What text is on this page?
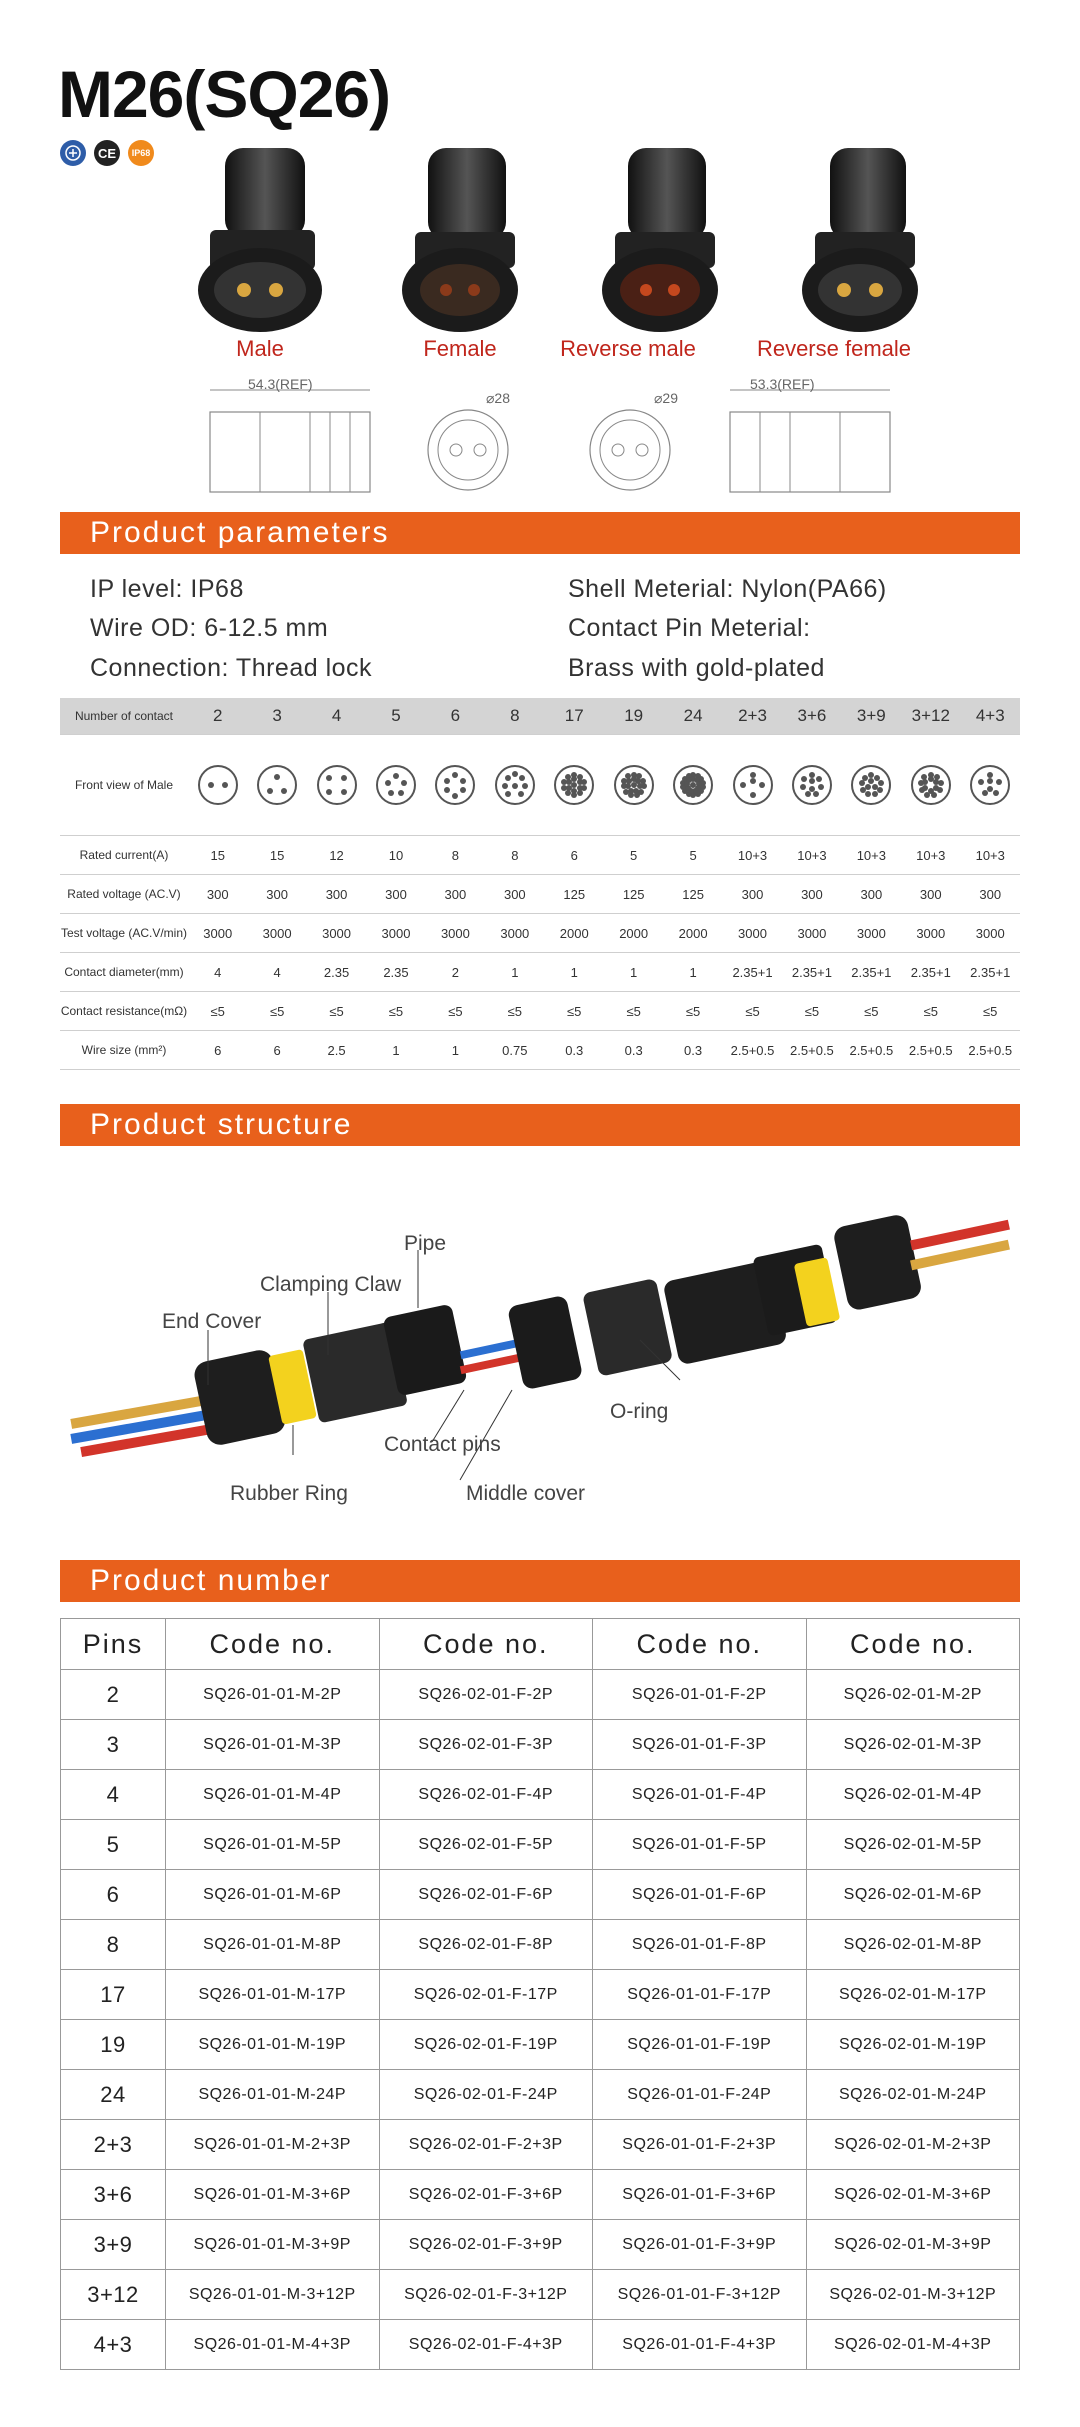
M26(SQ26)
CE	IP68
Male	Female	Reverse male	Reverse female
54.3(REF)
⌀28	⌀29
53.3(REF)
Product parameters
IP level: IP68
Wire OD: 6-12.5 mm
Connection: Thread lock
Shell Meterial: Nylon(PA66)
Contact Pin Meterial:
Brass with gold-plated
Number of contact	2	3	4	5	6	8	17	19	24	2+3	3+6	3+9	3+12	4+3
Front view of Male	

Rated current(A)	15	15	12	10	8	8	6	5	5	10+3	10+3	10+3	10+3	10+3
Rated voltage (AC.V)	300	300	300	300	300	300	125	125	125	300	300	300	300	300
Test voltage (AC.V/min)	3000	3000	3000	3000	3000	3000	2000	2000	2000	3000	3000	3000	3000	3000
Contact diameter(mm)	4	4	2.35	2.35	2	1	1	1	1	2.35+1	2.35+1	2.35+1	2.35+1	2.35+1
Contact resistance(mΩ)	≤5	≤5	≤5	≤5	≤5	≤5	≤5	≤5	≤5	≤5	≤5	≤5	≤5	≤5
Wire size (mm²)	6	6	2.5	1	1	0.75	0.3	0.3	0.3	2.5+0.5	2.5+0.5	2.5+0.5	2.5+0.5	2.5+0.5
Product structure
Pipe
Clamping Claw
End Cover
O-ring
Contact pins
Rubber Ring	Middle cover
Product number
Pins	Code no.	Code no.	Code no.	Code no.
2	SQ26-01-01-M-2P	SQ26-02-01-F-2P	SQ26-01-01-F-2P	SQ26-02-01-M-2P
3	SQ26-01-01-M-3P	SQ26-02-01-F-3P	SQ26-01-01-F-3P	SQ26-02-01-M-3P
4	SQ26-01-01-M-4P	SQ26-02-01-F-4P	SQ26-01-01-F-4P	SQ26-02-01-M-4P
5	SQ26-01-01-M-5P	SQ26-02-01-F-5P	SQ26-01-01-F-5P	SQ26-02-01-M-5P
6	SQ26-01-01-M-6P	SQ26-02-01-F-6P	SQ26-01-01-F-6P	SQ26-02-01-M-6P
8	SQ26-01-01-M-8P	SQ26-02-01-F-8P	SQ26-01-01-F-8P	SQ26-02-01-M-8P
17	SQ26-01-01-M-17P	SQ26-02-01-F-17P	SQ26-01-01-F-17P	SQ26-02-01-M-17P
19	SQ26-01-01-M-19P	SQ26-02-01-F-19P	SQ26-01-01-F-19P	SQ26-02-01-M-19P
24	SQ26-01-01-M-24P	SQ26-02-01-F-24P	SQ26-01-01-F-24P	SQ26-02-01-M-24P
2+3	SQ26-01-01-M-2+3P	SQ26-02-01-F-2+3P	SQ26-01-01-F-2+3P	SQ26-02-01-M-2+3P
3+6	SQ26-01-01-M-3+6P	SQ26-02-01-F-3+6P	SQ26-01-01-F-3+6P	SQ26-02-01-M-3+6P
3+9	SQ26-01-01-M-3+9P	SQ26-02-01-F-3+9P	SQ26-01-01-F-3+9P	SQ26-02-01-M-3+9P
3+12	SQ26-01-01-M-3+12P	SQ26-02-01-F-3+12P	SQ26-01-01-F-3+12P	SQ26-02-01-M-3+12P
4+3	SQ26-01-01-M-4+3P	SQ26-02-01-F-4+3P	SQ26-01-01-F-4+3P	SQ26-02-01-M-4+3P
